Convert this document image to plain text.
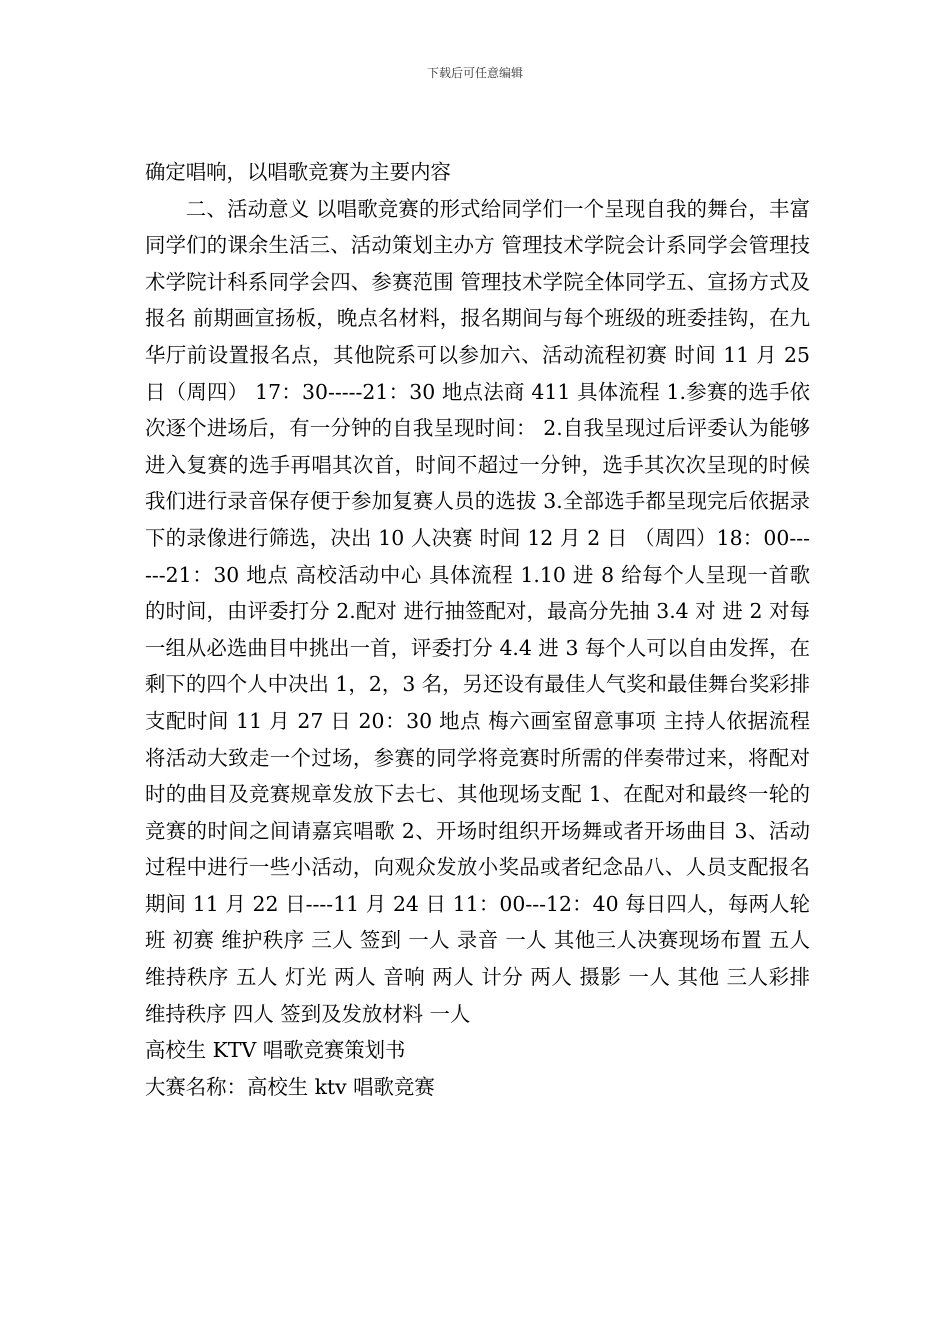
下载后可任意编辑

确定唱响，以唱歌竞赛为主要内容

二、活动意义 以唱歌竞赛的形式给同学们一个呈现自我的舞台，丰富同学们的课余生活三、活动策划主办方 管理技术学院会计系同学会管理技术学院计科系同学会四、参赛范围 管理技术学院全体同学五、宣扬方式及报名 前期画宣扬板，晚点名材料，报名期间与每个班级的班委挂钩，在九华厅前设置报名点，其他院系可以参加六、活动流程初赛 时间 11 月 25 日（周四） 17：30-----21：30 地点法商 411 具体流程 1.参赛的选手依次逐个进场后，有一分钟的自我呈现时间： 2.自我呈现过后评委认为能够进入复赛的选手再唱其次首，时间不超过一分钟，选手其次次呈现的时候我们进行录音保存便于参加复赛人员的选拔 3.全部选手都呈现完后依据录下的录像进行筛选，决出 10 人决赛 时间 12 月 2 日 （周四）18：00------21：30 地点 高校活动中心 具体流程 1.10 进 8 给每个人呈现一首歌的时间，由评委打分 2.配对 进行抽签配对，最高分先抽 3.4 对 进 2 对每一组从必选曲目中挑出一首，评委打分 4.4 进 3 每个人可以自由发挥，在剩下的四个人中决出 1，2，3 名，另还设有最佳人气奖和最佳舞台奖彩排支配时间 11 月 27 日 20：30 地点 梅六画室留意事项 主持人依据流程将活动大致走一个过场，参赛的同学将竞赛时所需的伴奏带过来，将配对时的曲目及竞赛规章发放下去七、其他现场支配 1、在配对和最终一轮的竞赛的时间之间请嘉宾唱歌 2、开场时组织开场舞或者开场曲目 3、活动过程中进行一些小活动，向观众发放小奖品或者纪念品八、人员支配报名期间 11 月 22 日----11 月 24 日 11：00---12：40 每日四人，每两人轮班 初赛 维护秩序 三人 签到 一人 录音 一人 其他三人决赛现场布置 五人 维持秩序 五人 灯光 两人 音响 两人 计分 两人 摄影 一人 其他 三人彩排 维持秩序 四人 签到及发放材料 一人

高校生 KTV 唱歌竞赛策划书

大赛名称：高校生 ktv 唱歌竞赛
